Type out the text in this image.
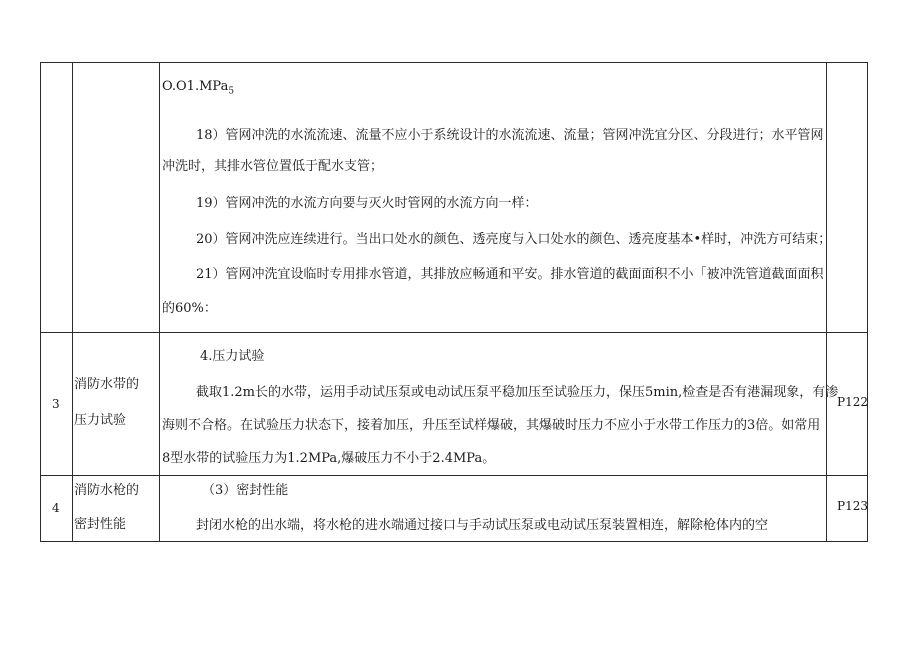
O.O1.MPa$_5$
18）管网冲洗的水流流速、流量不应小于系统设计的水流流速、流量；管网冲洗宜分区、分段进行；水平管网
冲洗时，其排水管位置低于配水支管；
19）管网冲洗的水流方向要与灭火时管网的水流方向一样：
20）管网冲洗应连续进行。当出口处水的颜色、透亮度与入口处水的颜色、透亮度基本•样时，冲洗方可结束；
21）管网冲洗宜设临时专用排水管道，其排放应畅通和平安。排水管道的截面面积不小「被冲洗管道截面面积
的60%：
3
消防水带的
压力试验
4.压力试验
截取1.2m长的水带，运用手动试压泵或电动试压泵平稳加压至试验压力，保压5min,检查是否有港漏现象，有渗
海则不合格。在试验压力状态下，接着加压，升压至试样爆破，其爆破时压力不应小于水带工作压力的3倍。如常用
8型水带的试验压力为1.2MPa,爆破压力不小于2.4MPa。
P122
4
消防水枪的
密封性能
（3）密封性能
封闭水枪的出水端，将水枪的进水端通过接口与手动试压泵或电动试压泵装置相连，解除枪体内的空
P123
